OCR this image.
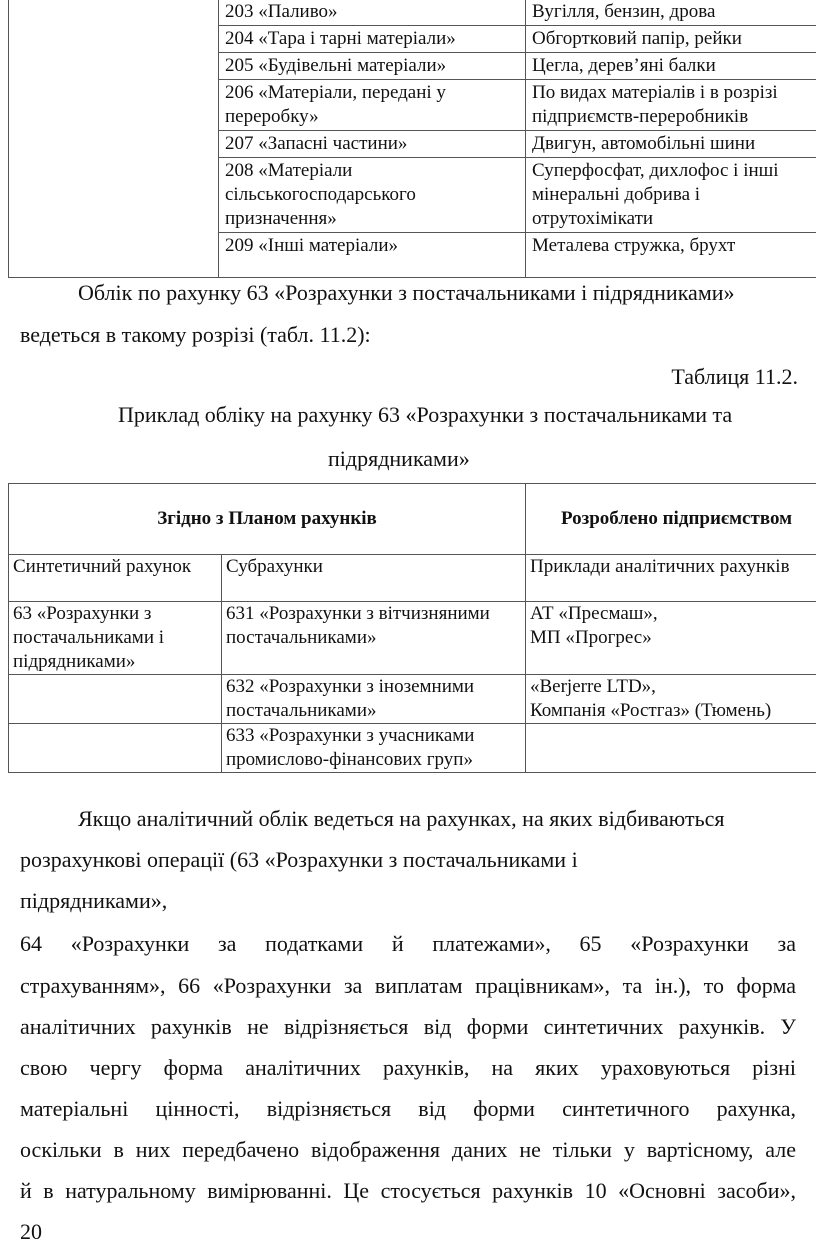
	203 «Паливо»	Вугілля, бензин, дрова
	204 «Тара і тарні матеріали»	Обгортковий папір, рейки
	205 «Будівельні матеріали»	Цегла, дерев’яні балки
	206 «Матеріали, передані у переробку»	По видах матеріалів і в розрізі підприємств-переробників
	207 «Запасні частини»	Двигун, автомобільні шини
	208 «Матеріали сільськогосподарського призначення»	Суперфосфат, дихлофос і інші мінеральні добрива і отрутохімікати
	209 «Інші матеріали»	Металева стружка, брухт
Облік по рахунку 63 «Розрахунки з постачальниками і підрядниками»
ведеться в такому розрізі (табл. 11.2):
Таблиця 11.2.
Приклад обліку на рахунку 63 «Розрахунки з постачальниками та
підрядниками»
Згідно з Планом рахунків		Розроблено підприємством
Синтетичний рахунок	Субрахунки	Приклади аналітичних рахунків
63 «Розрахунки з постачальниками і підрядниками»	631 «Розрахунки з вітчизняними постачальниками»	АТ «Пресмаш»,
МП «Прогрес»

	632 «Розрахунки з іноземними постачальниками»	«Berjerre LTD»,
Компанія «Ростгаз» (Тюмень)

	633 «Розрахунки з учасниками промислово-фінансових груп»	
Якщо аналітичний облік ведеться на рахунках, на яких відбиваються
розрахункові операції (63 «Розрахунки з постачальниками і
підрядниками»,
64 «Розрахунки за податками й платежами», 65 «Розрахунки за
страхуванням», 66 «Розрахунки за виплатам працівникам», та ін.), то форма
аналітичних рахунків не відрізняється від форми синтетичних рахунків. У
свою чергу форма аналітичних рахунків, на яких ураховуються різні
матеріальні цінності, відрізняється від форми синтетичного рахунка,
оскільки в них передбачено відображення даних не тільки у вартісному, але
й в натуральному вимірюванні. Це стосується рахунків 10 «Основні засоби»,
20
